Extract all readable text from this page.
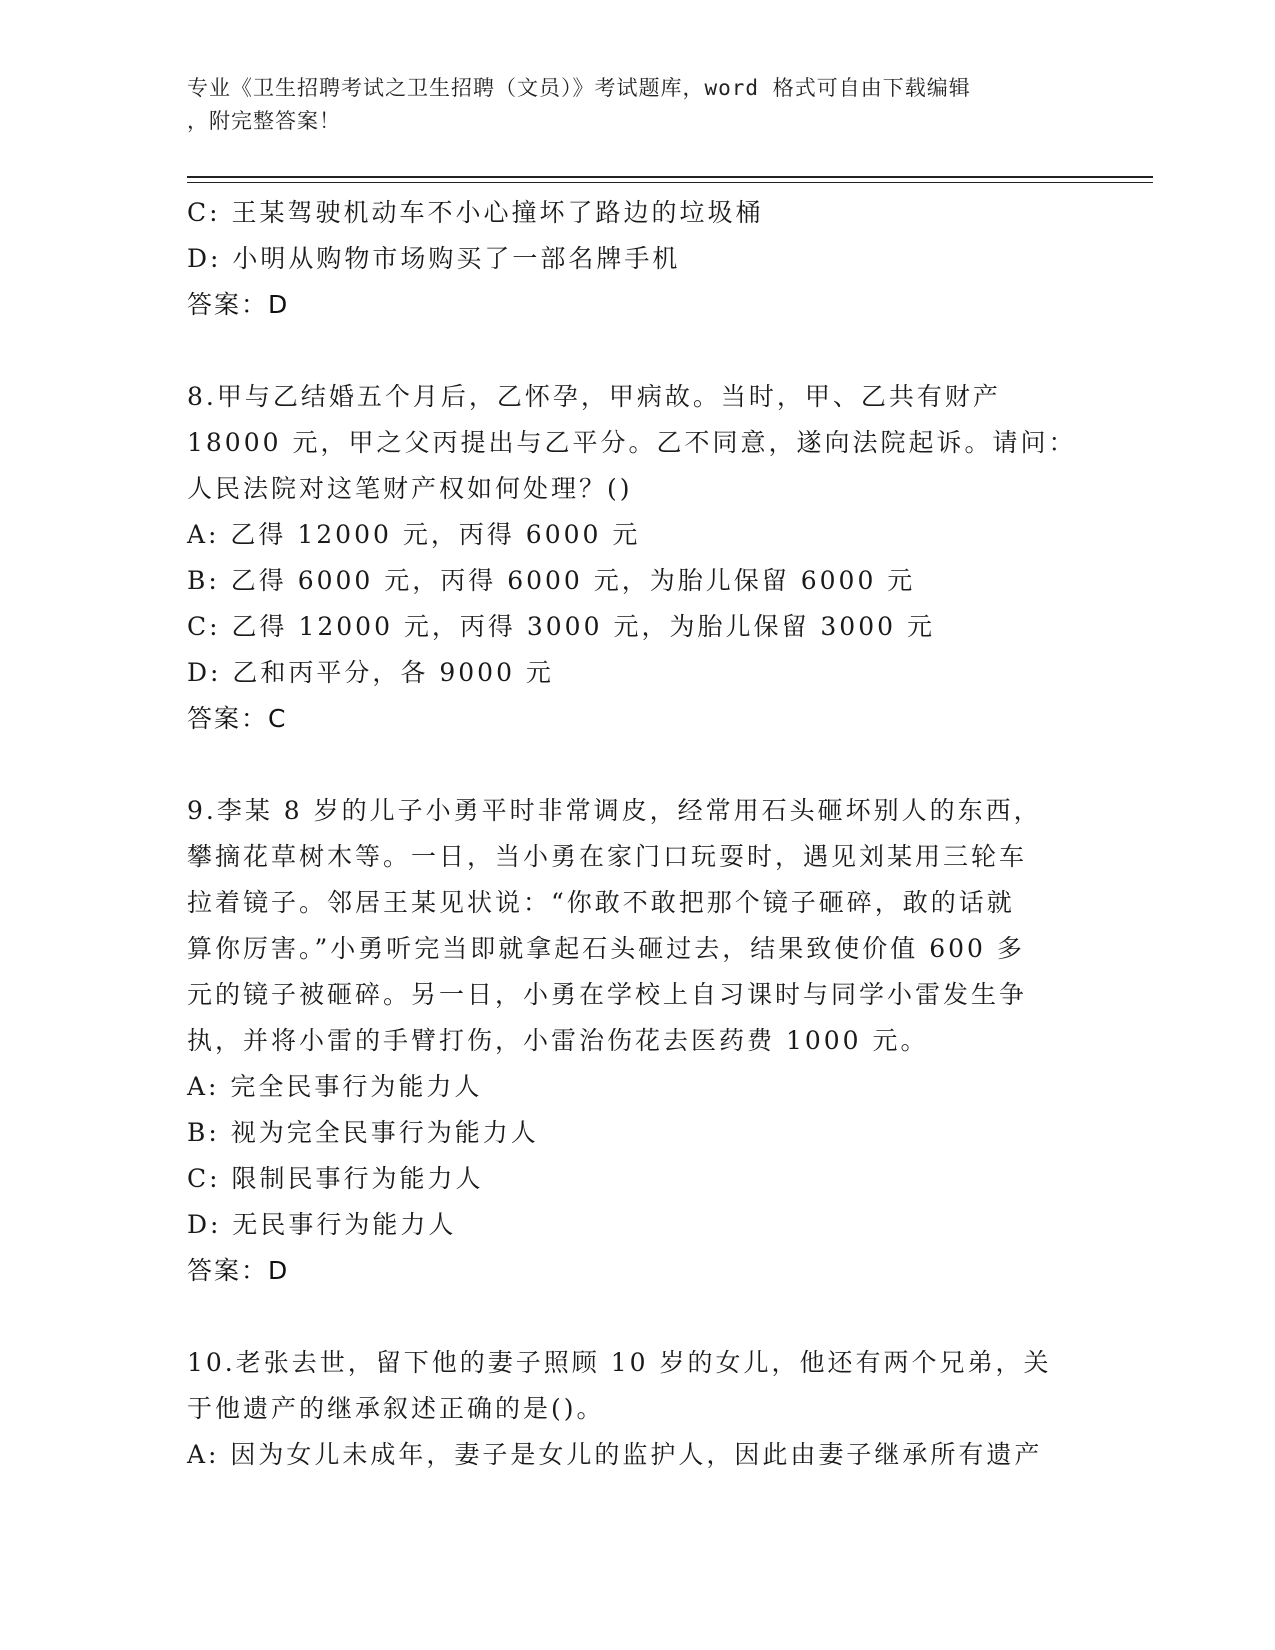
专业《卫生招聘考试之卫生招聘（文员）》考试题库，word 格式可自由下载编辑
，附完整答案！
C: 王某驾驶机动车不小心撞坏了路边的垃圾桶
D: 小明从购物市场购买了一部名牌手机
答案：D
8.甲与乙结婚五个月后，乙怀孕，甲病故。当时，甲、乙共有财产
18000 元，甲之父丙提出与乙平分。乙不同意，遂向法院起诉。请问：
人民法院对这笔财产权如何处理？()
A: 乙得 12000 元，丙得 6000 元
B: 乙得 6000 元，丙得 6000 元，为胎儿保留 6000 元
C: 乙得 12000 元，丙得 3000 元，为胎儿保留 3000 元
D: 乙和丙平分，各 9000 元
答案：C
9.李某 8 岁的儿子小勇平时非常调皮，经常用石头砸坏别人的东西，
攀摘花草树木等。一日，当小勇在家门口玩耍时，遇见刘某用三轮车
拉着镜子。邻居王某见状说：“你敢不敢把那个镜子砸碎，敢的话就
算你厉害。”小勇听完当即就拿起石头砸过去，结果致使价值 600 多
元的镜子被砸碎。另一日，小勇在学校上自习课时与同学小雷发生争
执，并将小雷的手臂打伤，小雷治伤花去医药费 1000 元。
A: 完全民事行为能力人
B: 视为完全民事行为能力人
C: 限制民事行为能力人
D: 无民事行为能力人
答案：D
10.老张去世，留下他的妻子照顾 10 岁的女儿，他还有两个兄弟，关
于他遗产的继承叙述正确的是()。
A: 因为女儿未成年，妻子是女儿的监护人，因此由妻子继承所有遗产
